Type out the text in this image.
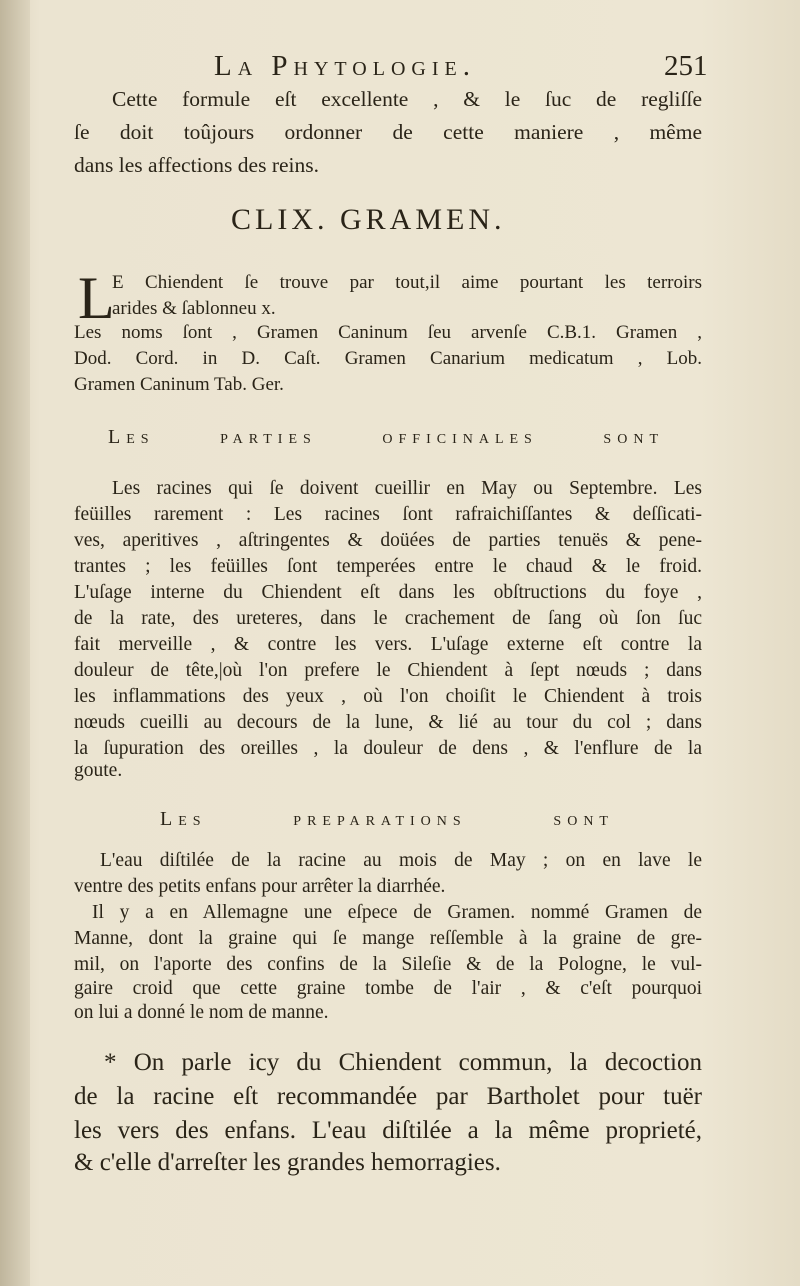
La Phytologie.	251
Cette formule eſt excellente , & le ſuc de regliſſe
ſe doit toûjours ordonner de cette maniere , même
dans les affections des reins.
CLIX. GRAMEN.
L
E Chiendent ſe trouve par tout,il aime pourtant les terroirs
arides & ſablonneu x.
Les noms ſont , Gramen Caninum ſeu arvenſe C.B.1. Gramen ,
Dod. Cord. in D. Caſt. Gramen Canarium medicatum , Lob.
Gramen Caninum Tab. Ger.
Les parties officinales sont
Les racines qui ſe doivent cueillir en May ou Septembre. Les
feüilles rarement : Les racines ſont rafraichiſſantes & deſſicati-
ves, aperitives , aſtringentes & doüées de parties tenuës & pene-
trantes ; les feüilles ſont temperées entre le chaud & le froid.
L'uſage interne du Chiendent eſt dans les obſtructions du foye ,
de la rate, des ureteres, dans le crachement de ſang où ſon ſuc
fait merveille , & contre les vers. L'uſage externe eſt contre la
douleur de tête,|où l'on prefere le Chiendent à ſept nœuds ; dans
les inflammations des yeux , où l'on choiſit le Chiendent à trois
nœuds cueilli au decours de la lune, & lié au tour du col ; dans
la ſupuration des oreilles , la douleur de dens , & l'enflure de la
goute.
Les preparations sont
L'eau diſtilée de la racine au mois de May ; on en lave le
ventre des petits enfans pour arrêter la diarrhée.
Il y a en Allemagne une eſpece de Gramen. nommé Gramen de
Manne, dont la graine qui ſe mange reſſemble à la graine de gre-
mil, on l'aporte des confins de la Sileſie & de la Pologne, le vul-
gaire croid que cette graine tombe de l'air , & c'eſt pourquoi
on lui a donné le nom de manne.
* On parle icy du Chiendent commun, la decoction
de la racine eſt recommandée par Bartholet pour tuër
les vers des enfans. L'eau diſtilée a la même proprieté,
& c'elle d'arreſter les grandes hemorragies.
